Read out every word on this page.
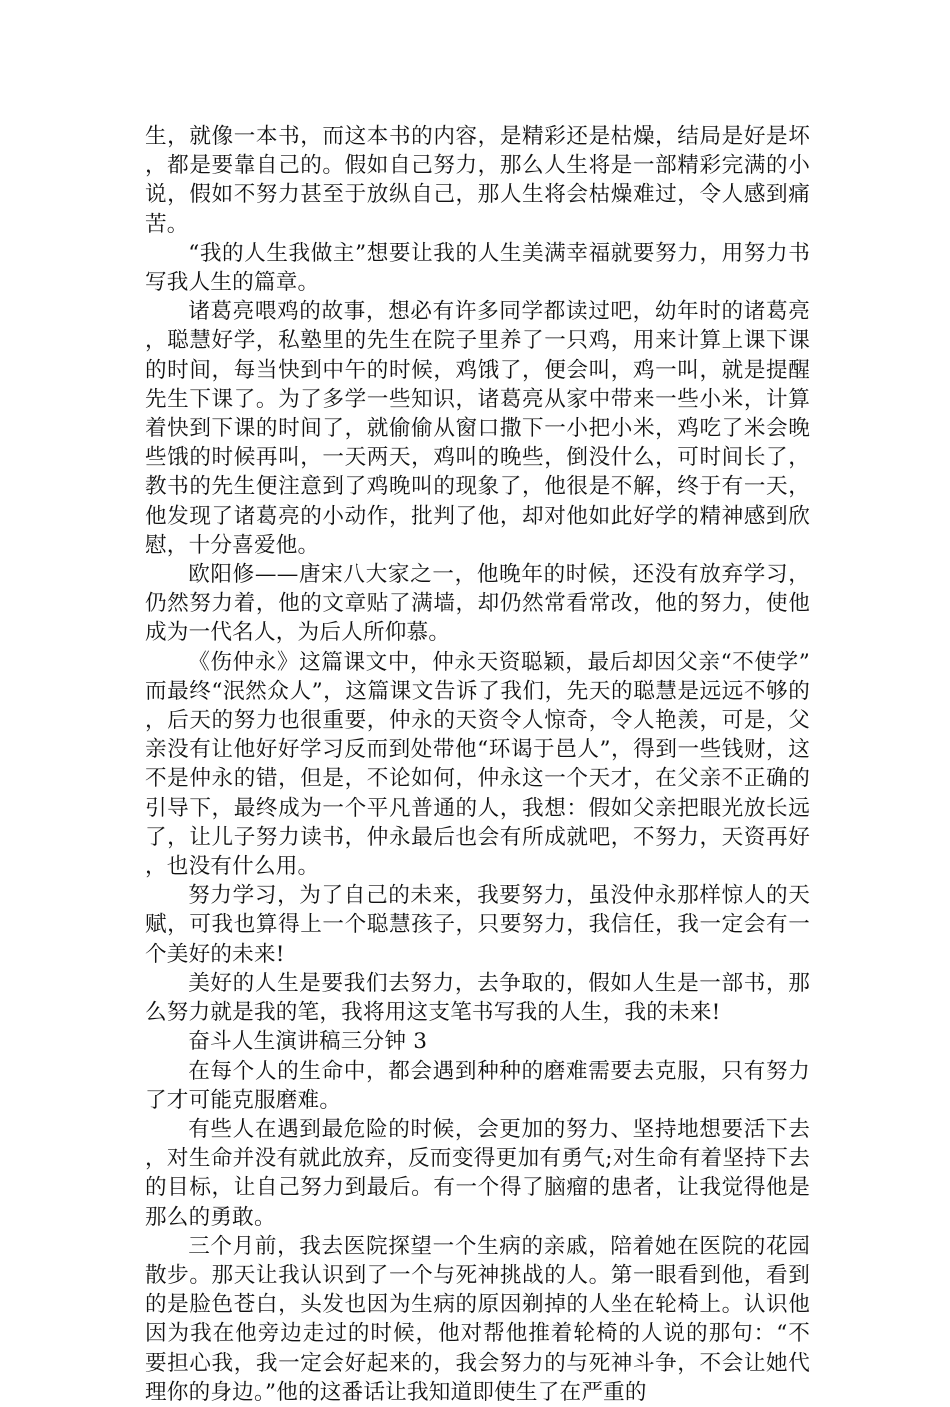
生，就像一本书，而这本书的内容，是精彩还是枯燥，结局是好是坏，都是要靠自己的。假如自己努力，那么人生将是一部精彩完满的小说，假如不努力甚至于放纵自己，那人生将会枯燥难过，令人感到痛苦。

“我的人生我做主”想要让我的人生美满幸福就要努力，用努力书写我人生的篇章。

诸葛亮喂鸡的故事，想必有许多同学都读过吧，幼年时的诸葛亮，聪慧好学，私塾里的先生在院子里养了一只鸡，用来计算上课下课的时间，每当快到中午的时候，鸡饿了，便会叫，鸡一叫，就是提醒先生下课了。为了多学一些知识，诸葛亮从家中带来一些小米，计算着快到下课的时间了，就偷偷从窗口撒下一小把小米，鸡吃了米会晚些饿的时候再叫，一天两天，鸡叫的晚些，倒没什么，可时间长了，教书的先生便注意到了鸡晚叫的现象了，他很是不解，终于有一天，他发现了诸葛亮的小动作，批判了他，却对他如此好学的精神感到欣慰，十分喜爱他。

欧阳修——唐宋八大家之一，他晚年的时候，还没有放弃学习，仍然努力着，他的文章贴了满墙，却仍然常看常改，他的努力，使他成为一代名人，为后人所仰慕。

《伤仲永》这篇课文中，仲永天资聪颖，最后却因父亲“不使学”而最终“泯然众人”，这篇课文告诉了我们，先天的聪慧是远远不够的，后天的努力也很重要，仲永的天资令人惊奇，令人艳羡，可是，父亲没有让他好好学习反而到处带他“环谒于邑人”，得到一些钱财，这不是仲永的错，但是，不论如何，仲永这一个天才，在父亲不正确的引导下，最终成为一个平凡普通的人，我想：假如父亲把眼光放长远了，让儿子努力读书，仲永最后也会有所成就吧，不努力，天资再好，也没有什么用。

努力学习，为了自己的未来，我要努力，虽没仲永那样惊人的天赋，可我也算得上一个聪慧孩子，只要努力，我信任，我一定会有一个美好的未来!

美好的人生是要我们去努力，去争取的，假如人生是一部书，那么努力就是我的笔，我将用这支笔书写我的人生，我的未来!

奋斗人生演讲稿三分钟 3

在每个人的生命中，都会遇到种种的磨难需要去克服，只有努力了才可能克服磨难。

有些人在遇到最危险的时候，会更加的努力、坚持地想要活下去，对生命并没有就此放弃，反而变得更加有勇气;对生命有着坚持下去的目标，让自己努力到最后。有一个得了脑瘤的患者，让我觉得他是那么的勇敢。

三个月前，我去医院探望一个生病的亲戚，陪着她在医院的花园散步。那天让我认识到了一个与死神挑战的人。第一眼看到他，看到的是脸色苍白，头发也因为生病的原因剃掉的人坐在轮椅上。认识他因为我在他旁边走过的时候，他对帮他推着轮椅的人说的那句：“不要担心我，我一定会好起来的，我会努力的与死神斗争，不会让她代理你的身边。”他的这番话让我知道即使生了在严重的
